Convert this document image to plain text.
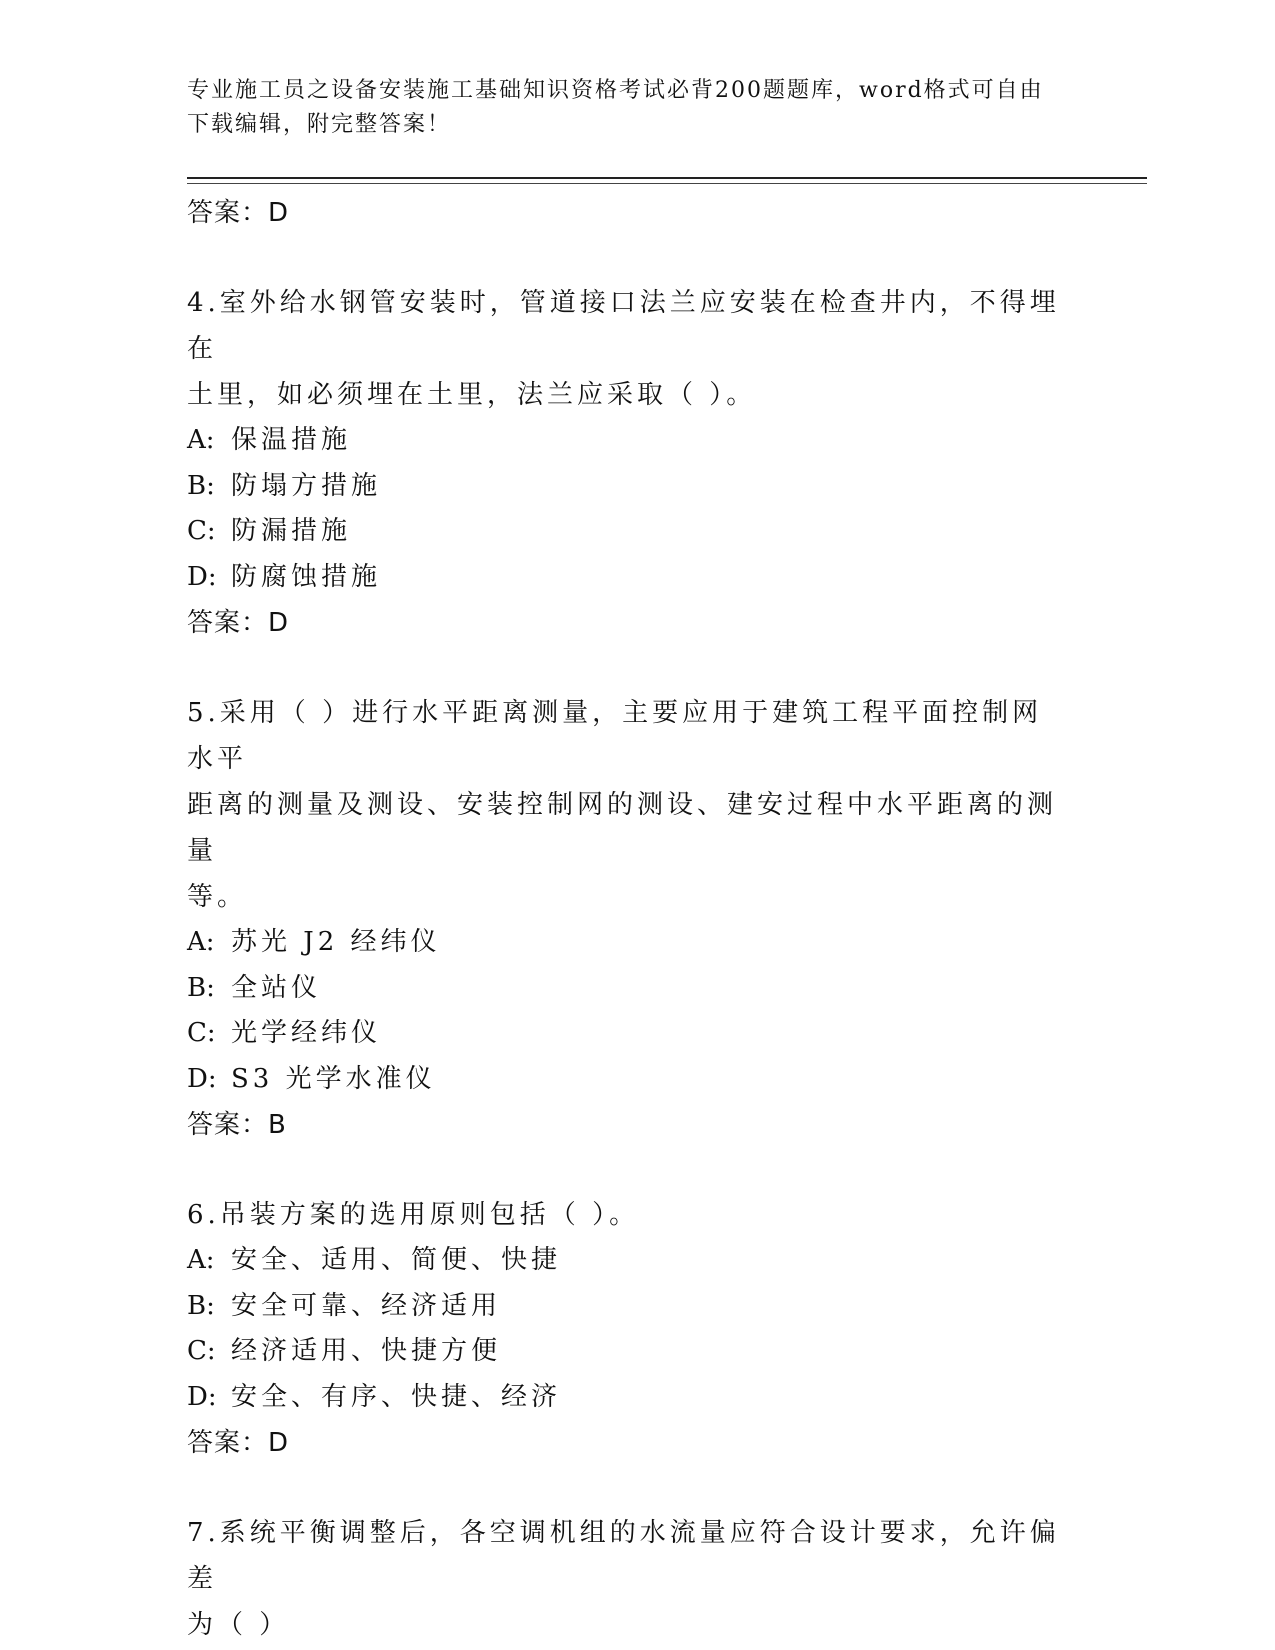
专业施工员之设备安装施工基础知识资格考试必背200题题库，word格式可自由
下载编辑，附完整答案！
答案：D
4.室外给水钢管安装时，管道接口法兰应安装在检查井内，不得埋在
土里，如必须埋在土里，法兰应采取（ ）。
A: 保温措施
B: 防塌方措施
C: 防漏措施
D: 防腐蚀措施
答案：D
5.采用（ ）进行水平距离测量，主要应用于建筑工程平面控制网水平
距离的测量及测设、安装控制网的测设、建安过程中水平距离的测量
等。
A: 苏光 J2 经纬仪
B: 全站仪
C: 光学经纬仪
D: S3 光学水准仪
答案：B
6.吊装方案的选用原则包括（ ）。
A: 安全、适用、简便、快捷
B: 安全可靠、经济适用
C: 经济适用、快捷方便
D: 安全、有序、快捷、经济
答案：D
7.系统平衡调整后，各空调机组的水流量应符合设计要求，允许偏差
为（ ）
